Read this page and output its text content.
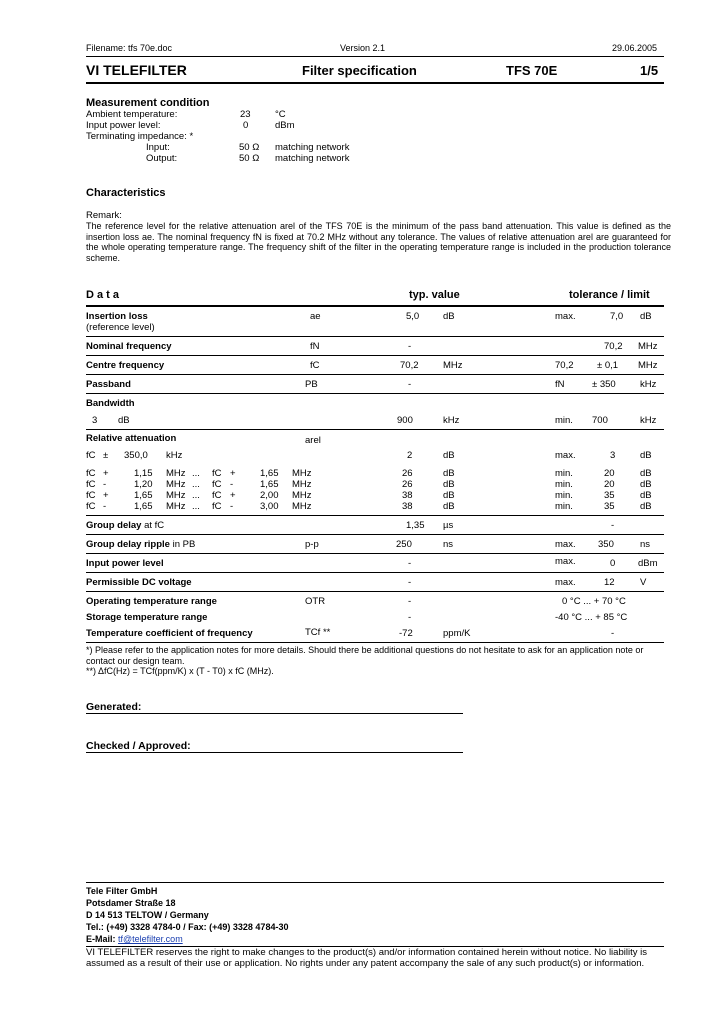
Filename: tfs 70e.doc	Version 2.1	29.06.2005
VI TELEFILTER	Filter specification	TFS 70E	1/5
Measurement condition
Ambient temperature:	23	°C
Input power level:	0	dBm
Terminating impedance: *
Input:	50 Ω matching network
Output:	50 Ω matching network
Characteristics
Remark:
The reference level for the relative attenuation arel of the TFS 70E is the minimum of the pass band attenuation. This value is defined as the insertion loss ae. The nominal frequency fN is fixed at 70.2 MHz without any tolerance. The values of relative attenuation arel are guaranteed for the whole operating temperature range. The frequency shift of the filter in the operating temperature range is included in the production tolerance scheme.
D a t a	typ. value	tolerance / limit
Insertion loss
(reference level)
ae	5,0	dB	max.	7,0 dB
Nominal frequency	fN	-	70,2 MHz
Centre frequency	fC	70,2	MHz	70,2 ± 0,1 MHz
Passband	PB	-	fN	± 350	kHz
Bandwidth
3 dB	900	kHz	min. 700	kHz
Relative attenuation	arel
fC ± 350,0 kHz	2	dB	max.	3	dB
fC +	1,15 MHz ... fC +	1,65 MHz	26	dB	min.	20	dB
fC -	1,20 MHz ... fC -	1,65 MHz	26	dB	min.	20	dB
fC +	1,65 MHz ... fC +	2,00 MHz	38	dB	min.	35	dB
fC -	1,65 MHz ... fC -	3,00 MHz	38	dB	min.	35	dB
Group delay at fC	1,35 µs	-
Group delay ripple in PB	p-p	250	ns	max. 350	ns
Input power level	-	max.	0 dBm
Permissible DC voltage	-	max.	12	V
Operating temperature range	OTR	-	0 °C ... + 70 °C
Storage temperature range	-	-40 °C ... + 85 °C
Temperature coefficient of frequency	TCf **	-72	ppm/K	-
*) Please refer to the application notes for more details. Should there be additional questions do not hesitate to ask for an application note or contact our design team.
**) ΔfC(Hz) = TCf(ppm/K) x (T - T0) x fC (MHz).
Generated:
Checked / Approved:
Tele Filter GmbH
Potsdamer Straße 18
D 14 513 TELTOW / Germany
Tel.: (+49) 3328 4784-0 / Fax: (+49) 3328 4784-30
E-Mail: tf@telefilter.com
VI TELEFILTER reserves the right to make changes to the product(s) and/or information contained herein without notice. No liability is assumed as a result of their use or application. No rights under any patent accompany the sale of any such product(s) or information.
